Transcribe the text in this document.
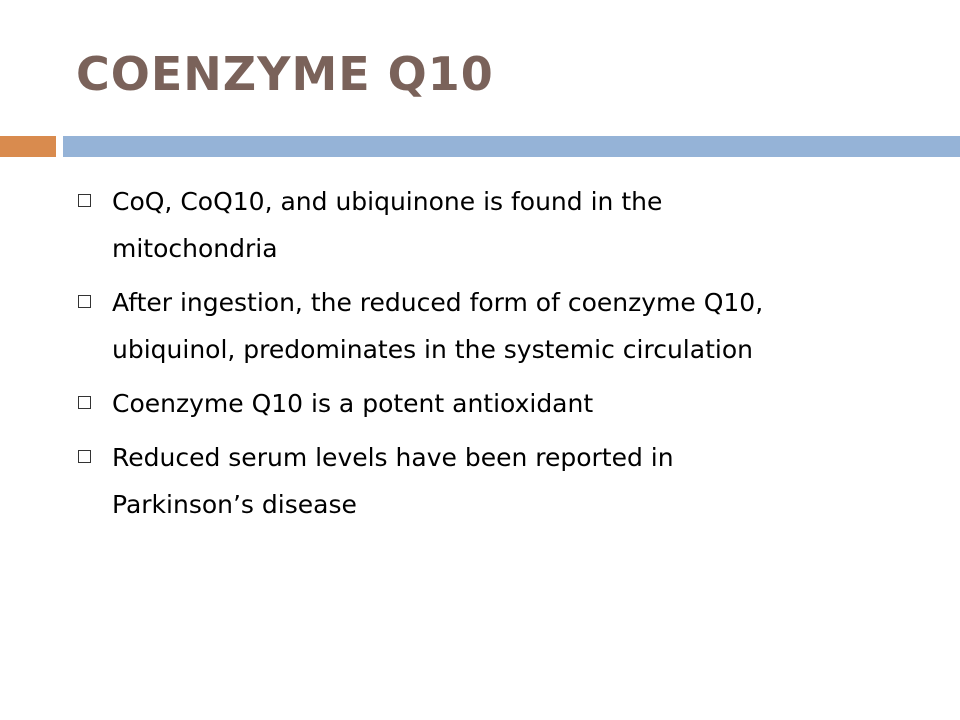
COENZYME Q10
CoQ, CoQ10, and ubiquinone is found in the mitochondria
After ingestion, the reduced form of coenzyme Q10, ubiquinol, predominates in the systemic circulation
Coenzyme Q10 is a potent antioxidant
Reduced serum levels have been reported in Parkinson’s disease
